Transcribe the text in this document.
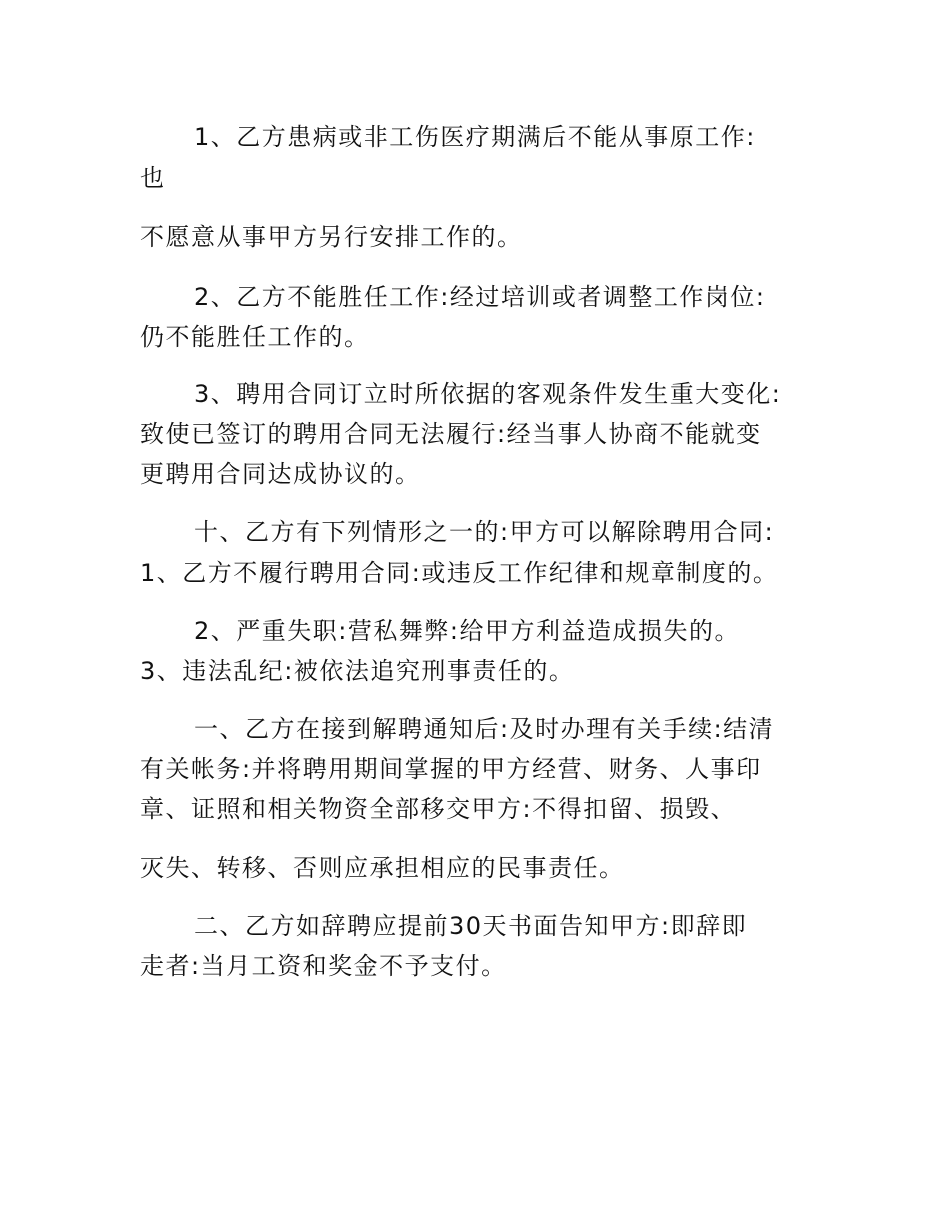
1、乙方患病或非工伤医疗期满后不能从事原工作:
也
不愿意从事甲方另行安排工作的。
2、乙方不能胜任工作:经过培训或者调整工作岗位:
仍不能胜任工作的。
3、聘用合同订立时所依据的客观条件发生重大变化:
致使已签订的聘用合同无法履行:经当事人协商不能就变
更聘用合同达成协议的。
十、乙方有下列情形之一的:甲方可以解除聘用合同:
1、乙方不履行聘用合同:或违反工作纪律和规章制度的。
2、严重失职:营私舞弊:给甲方利益造成损失的。
3、违法乱纪:被依法追究刑事责任的。
一、乙方在接到解聘通知后:及时办理有关手续:结清
有关帐务:并将聘用期间掌握的甲方经营、财务、人事印
章、证照和相关物资全部移交甲方:不得扣留、损毁、
灭失、转移、否则应承担相应的民事责任。
二、乙方如辞聘应提前30天书面告知甲方:即辞即
走者:当月工资和奖金不予支付。
